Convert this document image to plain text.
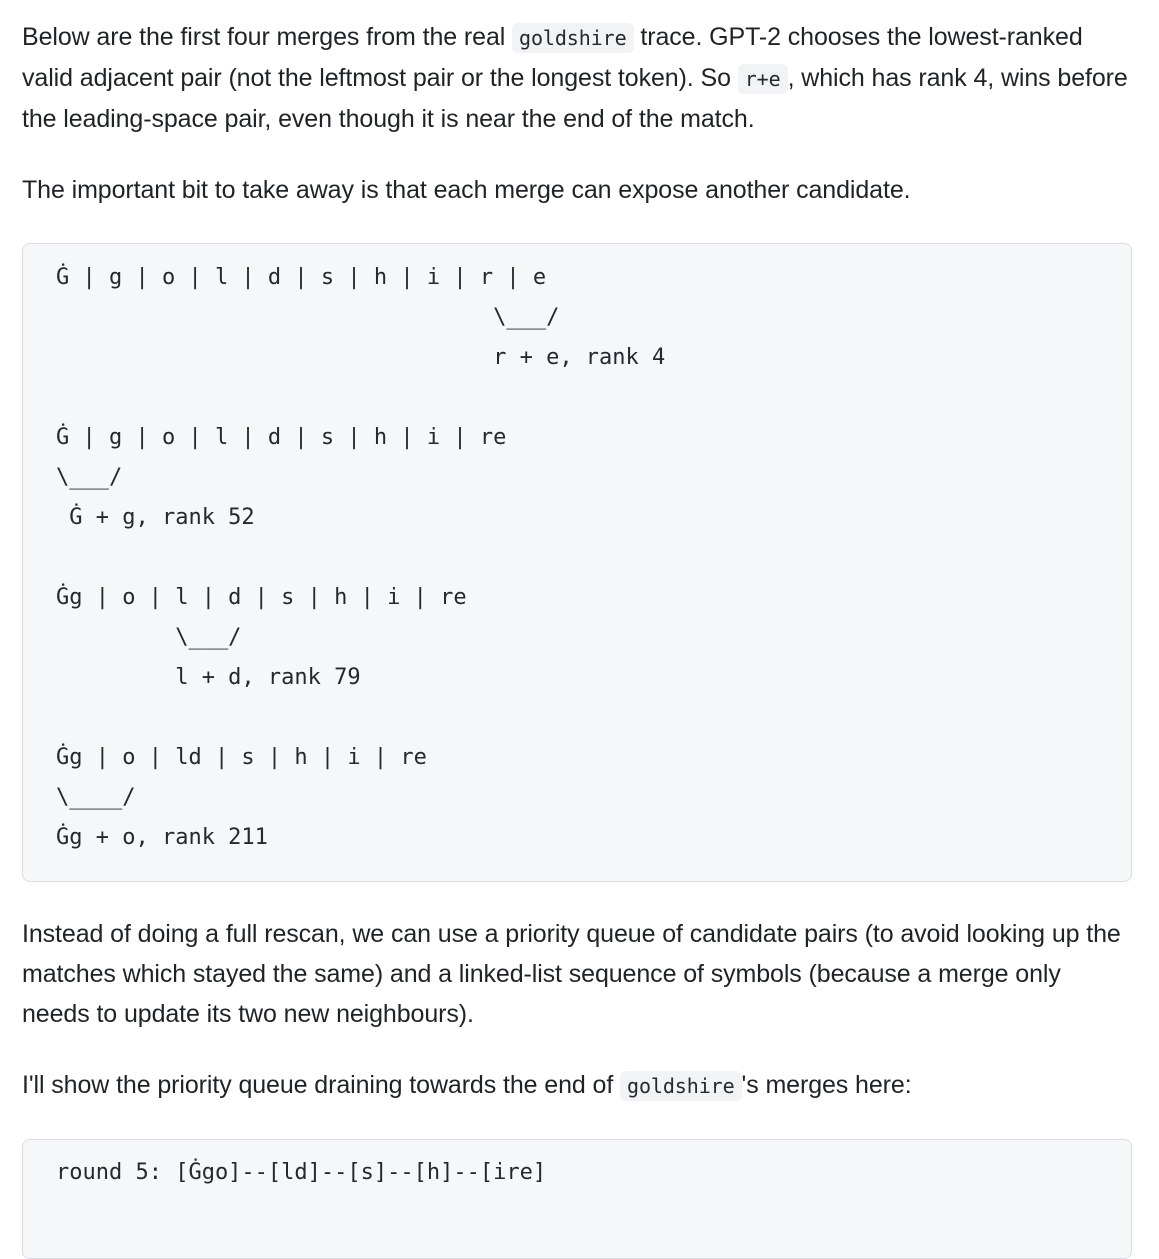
Below are the first four merges from the real goldshire trace. GPT-2 chooses the lowest-ranked valid adjacent pair (not the leftmost pair or the longest token). So r+e , which has rank 4, wins before the leading-space pair, even though it is near the end of the match.

The important bit to take away is that each merge can expose another candidate.

Ġ | g | o | l | d | s | h | i | r | e
\___/
r + e, rank 4

Ġ | g | o | l | d | s | h | i | re
\___/
Ġ + g, rank 52

Ġg | o | l | d | s | h | i | re
\___/
l + d, rank 79

Ġg | o | ld | s | h | i | re
\____/
Ġg + o, rank 211

Instead of doing a full rescan, we can use a priority queue of candidate pairs (to avoid looking up the matches which stayed the same) and a linked-list sequence of symbols (because a merge only needs to update its two new neighbours).

I'll show the priority queue draining towards the end of goldshire 's merges here:

round 5: [Ġgo]--[ld]--[s]--[h]--[ire]
